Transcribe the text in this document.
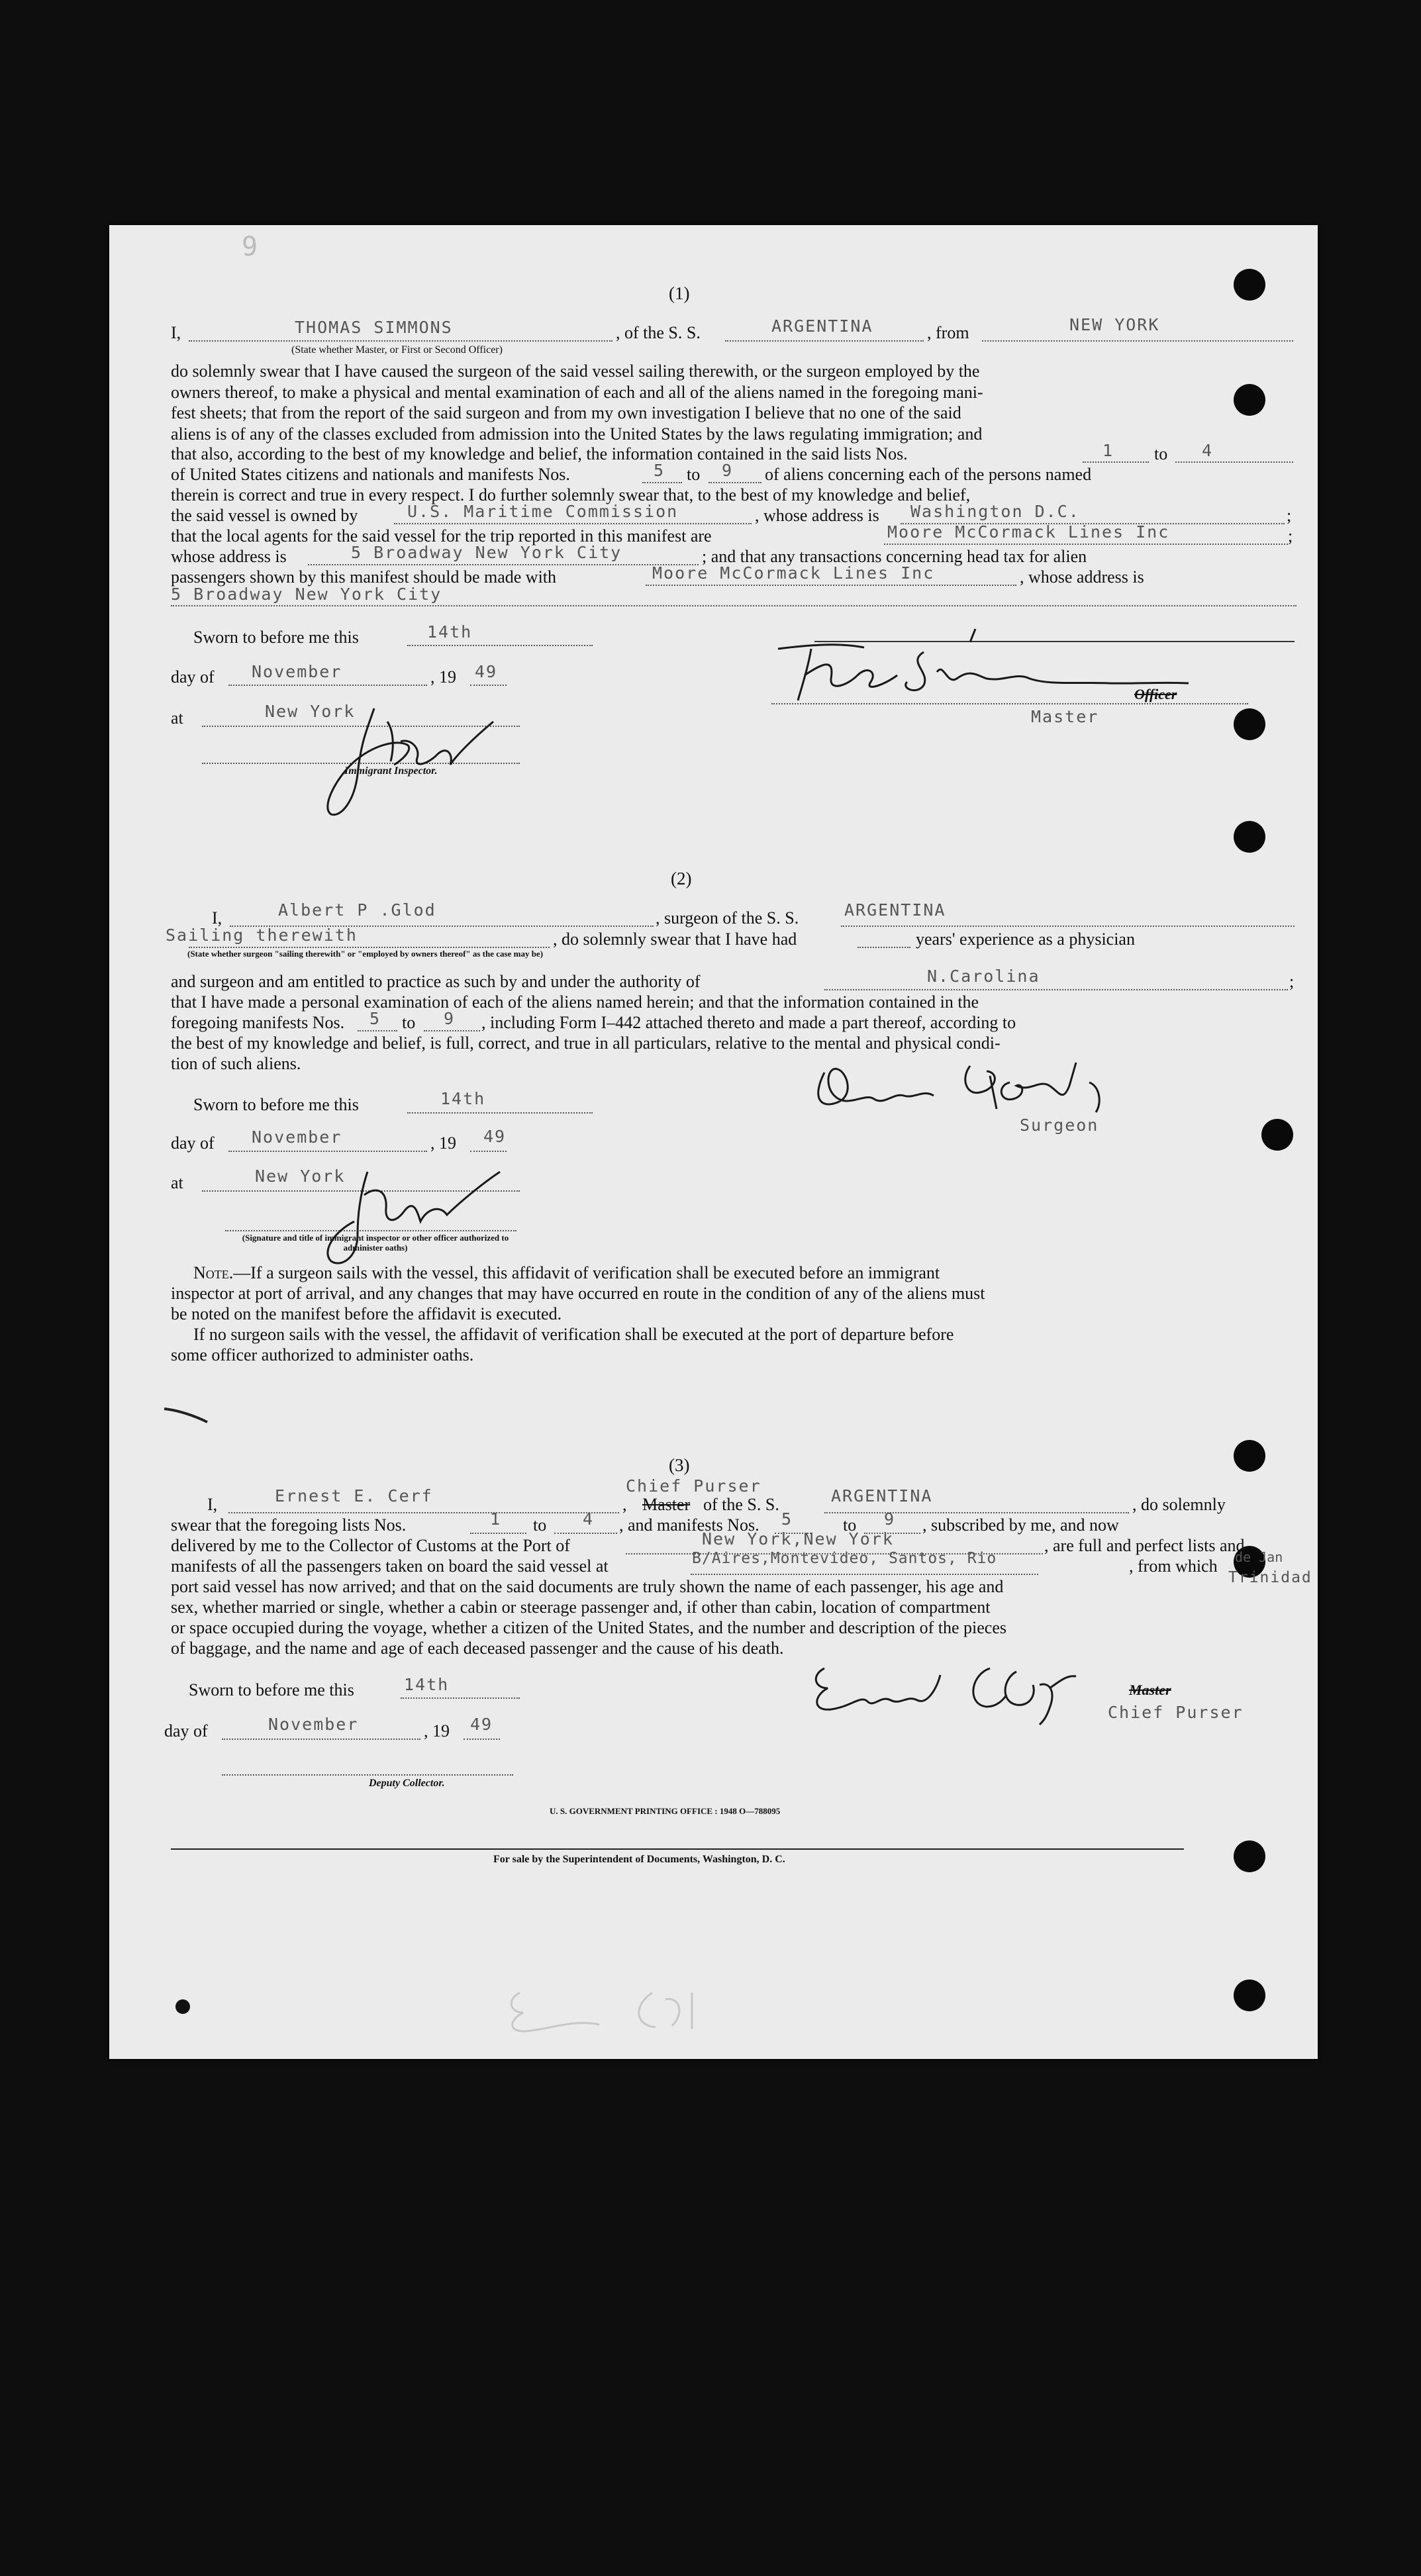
9
(1)
I,	THOMAS SIMMONS
(State whether Master, or First or Second Officer)
, of the S. S.	ARGENTINA	, from	NEW YORK

do solemnly swear that I have caused the surgeon of the said vessel sailing therewith, or the surgeon employed by the

owners thereof, to make a physical and mental examination of each and all of the aliens named in the foregoing mani-

fest sheets; that from the report of the said surgeon and from my own investigation I believe that no one of the said

aliens is of any of the classes excluded from admission into the United States by the laws regulating immigration; and

that also, according to the best of my knowledge and belief, the information contained in the said lists Nos.	1 to 4
of United States citizens and nationals and manifests Nos.	5 to 9 of aliens concerning each of the persons named
therein is correct and true in every respect. I do further solemnly swear that, to the best of my knowledge and belief,
the said vessel is owned by	U.S. Maritime Commission	, whose address is Washington D.C.	;
that the local agents for the said vessel for the trip reported in this manifest are	Moore McCormack Lines Inc	;
whose address is	5 Broadway New York City	; and that any transactions concerning head tax for alien
passengers shown by this manifest should be made with	Moore McCormack Lines Inc	, whose address is
5 Broadway New York City
Sworn to before me this	14th
day of November	, 19 49
at	New York
Immigrant Inspector.
Officer
Master

(2)
I,	Albert P .Glod	, surgeon of the S. S.	ARGENTINA
Sailing therewith
(State whether surgeon "sailing therewith" or "employed by owners thereof" as the case may be)
, do solemnly swear that I have had	years' experience as a physician
and surgeon and am entitled to practice as such by and under the authority of	N.Carolina	;
that I have made a personal examination of each of the aliens named herein; and that the information contained in the
foregoing manifests Nos. 5 to 9 , including Form I–442 attached thereto and made a part thereof, according to
the best of my knowledge and belief, is full, correct, and true in all particulars, relative to the mental and physical condi-
tion of such aliens.
Sworn to before me this	14th
day of November	, 19 49
at	New York
(Signature and title of immigrant inspector or other officer authorized to administer oaths)
Surgeon
Note.—If a surgeon sails with the vessel, this affidavit of verification shall be executed before an immigrant
inspector at port of arrival, and any changes that may have occurred en route in the condition of any of the aliens must
be noted on the manifest before the affidavit is executed.
If no surgeon sails with the vessel, the affidavit of verification shall be executed at the port of departure before
some officer authorized to administer oaths.
(3)
Chief Purser
I,	Ernest E. Cerf	, Master of the S. S.	ARGENTINA	, do solemnly
swear that the foregoing lists Nos.	1 to 4 , and manifests Nos. 5	to 9 , subscribed by me, and now
delivered by me to the Collector of Customs at the Port of	New York,New York	, are full and perfect lists and
manifests of all the passengers taken on board the said vessel at	B/Aires,Montevideo, Santos, Rio	, from which de Jan
Trinidad
port said vessel has now arrived; and that on the said documents are truly shown the name of each passenger, his age and
sex, whether married or single, whether a cabin or steerage passenger and, if other than cabin, location of compartment
or space occupied during the voyage, whether a citizen of the United States, and the number and description of the pieces
of baggage, and the name and age of each deceased passenger and the cause of his death.
Sworn to before me this	14th
day of	November	, 19 49
Deputy Collector.
Master
Chief Purser
U. S. GOVERNMENT PRINTING OFFICE : 1948 O—788095
For sale by the Superintendent of Documents, Washington, D. C.
